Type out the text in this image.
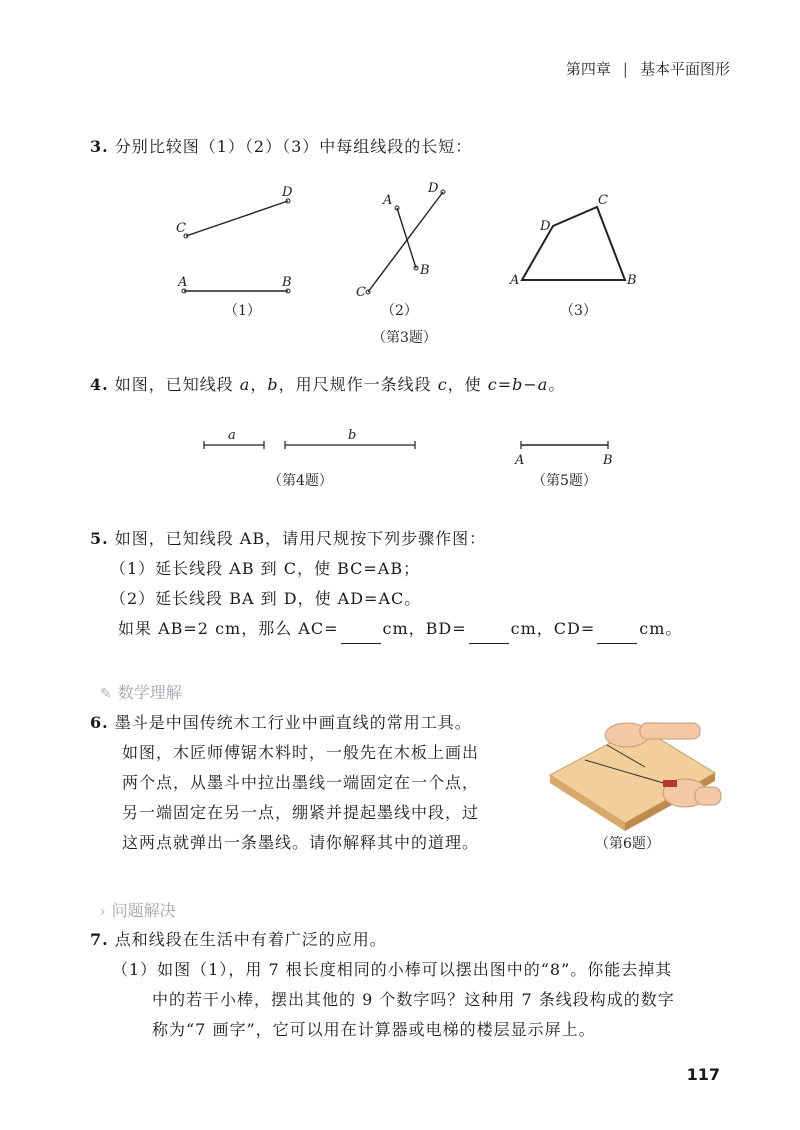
第四章 | 基本平面图形
3. 分别比较图（1）（2）（3）中每组线段的长短：
C
D
A	B
（1）
A
D
B
C
（2）
D
C
A	B
（3）
（第3题）
4. 如图，已知线段 a，b，用尺规作一条线段 c，使 c=b−a。
a	b
（第4题）
A	B
（第5题）
5. 如图，已知线段 AB，请用尺规按下列步骤作图：
（1）延长线段 AB 到 C，使 BC=AB；
（2）延长线段 BA 到 D，使 AD=AC。
如果 AB=2 cm，那么 AC=	cm，BD=	cm，CD=	cm。
✎ 数学理解
6. 墨斗是中国传统木工行业中画直线的常用工具。
如图，木匠师傅锯木料时，一般先在木板上画出
两个点，从墨斗中拉出墨线一端固定在一个点，
另一端固定在另一点，绷紧并提起墨线中段，过
这两点就弹出一条墨线。请你解释其中的道理。	（第6题）
› 问题解决
7. 点和线段在生活中有着广泛的应用。
（1）如图（1），用 7 根长度相同的小棒可以摆出图中的“8”。你能去掉其
中的若干小棒，摆出其他的 9 个数字吗？这种用 7 条线段构成的数字
称为“7 画字”，它可以用在计算器或电梯的楼层显示屏上。
117
